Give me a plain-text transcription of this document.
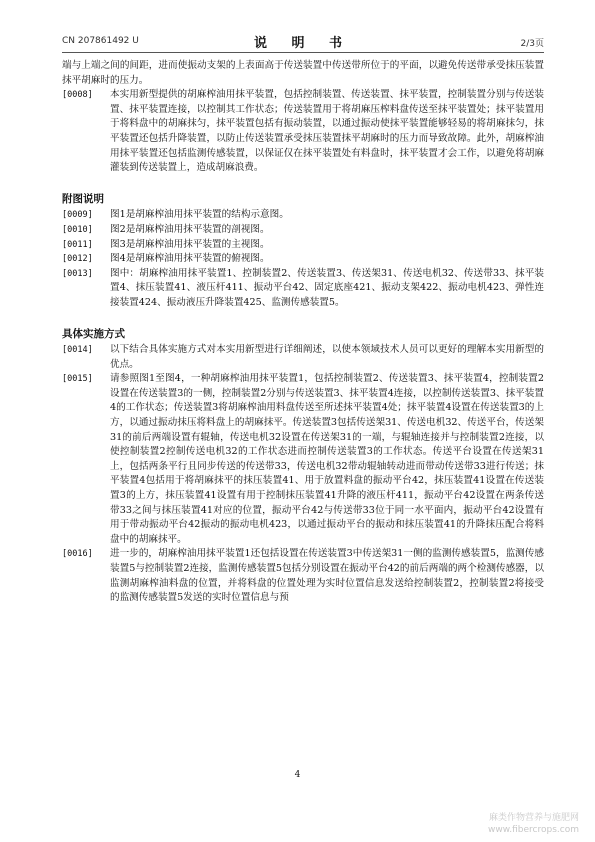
CN 207861492 U	说 明 书	2/3页

端与上端之间的间距，进而使振动支架的上表面高于传送装置中传送带所位于的平面，以避免传送带承受抹压装置抹平胡麻时的压力。

[0008]	本实用新型提供的胡麻榨油用抹平装置，包括控制装置、传送装置、抹平装置，控制装置分别与传送装置、抹平装置连接，以控制其工作状态；传送装置用于将胡麻压榨料盘传送至抹平装置处；抹平装置用于将料盘中的胡麻抹匀，抹平装置包括有振动装置，以通过振动使抹平装置能够轻易的将胡麻抹匀，抹平装置还包括升降装置，以防止传送装置承受抹压装置抹平胡麻时的压力而导致故障。此外，胡麻榨油用抹平装置还包括监测传感装置，以保证仅在抹平装置处有料盘时，抹平装置才会工作，以避免将胡麻灌装到传送装置上，造成胡麻浪费。
附图说明
[0009]	图1是胡麻榨油用抹平装置的结构示意图。
[0010]	图2是胡麻榨油用抹平装置的剖视图。
[0011]	图3是胡麻榨油用抹平装置的主视图。
[0012]	图4是胡麻榨油用抹平装置的俯视图。
[0013]	图中：胡麻榨油用抹平装置1、控制装置2、传送装置3、传送架31、传送电机32、传送带33、抹平装置4、抹压装置41、液压杆411、振动平台42、固定底座421、振动支架422、振动电机423、弹性连接装置424、振动液压升降装置425、监测传感装置5。
具体实施方式
[0014]	以下结合具体实施方式对本实用新型进行详细阐述，以使本领域技术人员可以更好的理解本实用新型的优点。
[0015]	请参照图1至图4，一种胡麻榨油用抹平装置1，包括控制装置2、传送装置3、抹平装置4，控制装置2设置在传送装置3的一侧，控制装置2分别与传送装置3、抹平装置4连接，以控制传送装置3、抹平装置4的工作状态；传送装置3将胡麻榨油用料盘传送至所述抹平装置4处；抹平装置4设置在传送装置3的上方，以通过振动抹压将料盘上的胡麻抹平。传送装置3包括传送架31、传送电机32、传送平台，传送架31的前后两端设置有辊轴，传送电机32设置在传送架31的一端，与辊轴连接并与控制装置2连接，以使控制装置2控制传送电机32的工作状态进而控制传送装置3的工作状态。传送平台设置在传送架31上，包括两条平行且同步传送的传送带33，传送电机32带动辊轴转动进而带动传送带33进行传送；抹平装置4包括用于将胡麻抹平的抹压装置41、用于放置料盘的振动平台42，抹压装置41设置在传送装置3的上方，抹压装置41设置有用于控制抹压装置41升降的液压杆411，振动平台42设置在两条传送带33之间与抹压装置41对应的位置，振动平台42与传送带33位于同一水平面内，振动平台42设置有用于带动振动平台42振动的振动电机423，以通过振动平台的振动和抹压装置41的升降抹压配合将料盘中的胡麻抹平。
[0016]	进一步的，胡麻榨油用抹平装置1还包括设置在传送装置3中传送架31一侧的监测传感装置5，监测传感装置5与控制装置2连接，监测传感装置5包括分别设置在振动平台42的前后两端的两个检测传感器，以监测胡麻榨油料盘的位置，并将料盘的位置处理为实时位置信息发送给控制装置2，控制装置2将接受的监测传感装置5发送的实时位置信息与预
4
麻类作物营养与施肥网
www.fibercrops.com
